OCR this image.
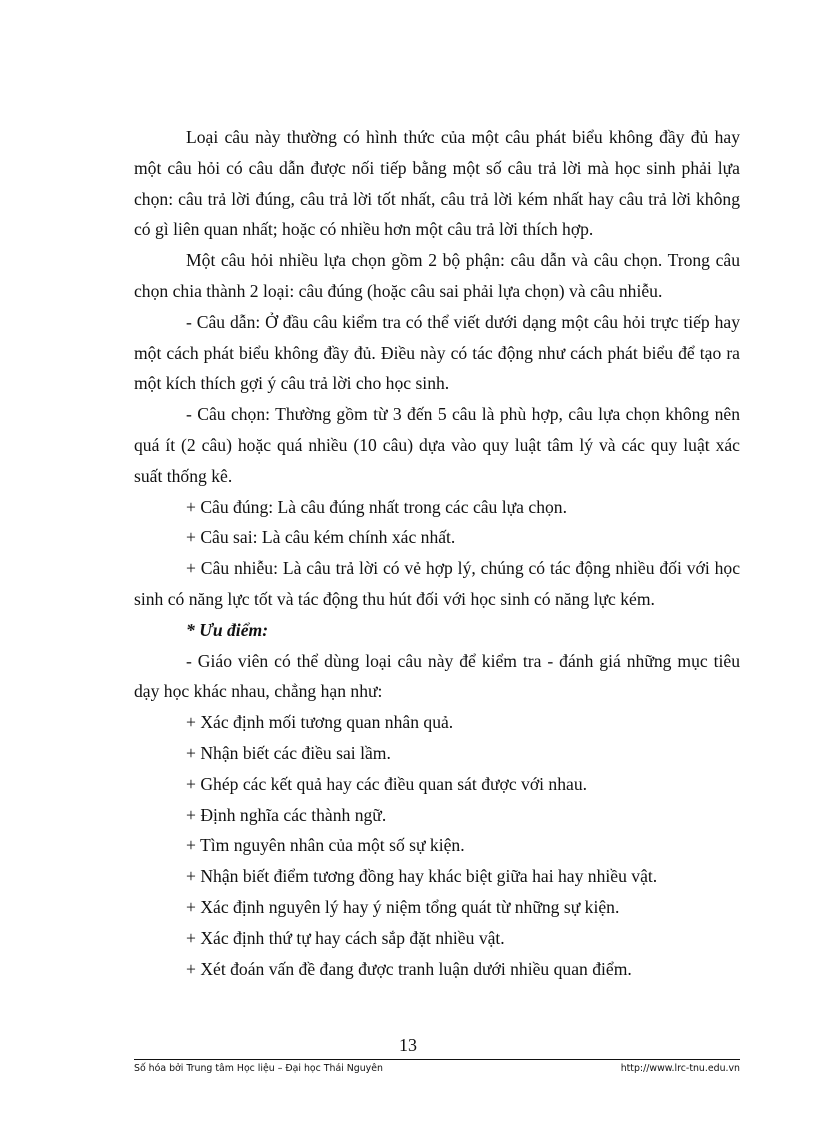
Loại câu này thường có hình thức của một câu phát biểu không đầy đủ hay một câu hỏi có câu dẫn được nối tiếp bằng một số câu trả lời mà học sinh phải lựa chọn: câu trả lời đúng, câu trả lời tốt nhất, câu trả lời kém nhất hay câu trả lời không có gì liên quan nhất; hoặc có nhiều hơn một câu trả lời thích hợp.

Một câu hỏi nhiều lựa chọn gồm 2 bộ phận: câu dẫn và câu chọn. Trong câu chọn chia thành 2 loại: câu đúng (hoặc câu sai phải lựa chọn) và câu nhiễu.

- Câu dẫn: Ở đầu câu kiểm tra có thể viết dưới dạng một câu hỏi trực tiếp hay một cách phát biểu không đầy đủ. Điều này có tác động như cách phát biểu để tạo ra một kích thích gợi ý câu trả lời cho học sinh.

- Câu chọn: Thường gồm từ 3 đến 5 câu là phù hợp, câu lựa chọn không nên quá ít (2 câu) hoặc quá nhiều (10 câu) dựa vào quy luật tâm lý và các quy luật xác suất thống kê.

+ Câu đúng: Là câu đúng nhất trong các câu lựa chọn.

+ Câu sai: Là câu kém chính xác nhất.

+ Câu nhiễu: Là câu trả lời có vẻ hợp lý, chúng có tác động nhiều đối với học sinh có năng lực tốt và tác động thu hút đối với học sinh có năng lực kém.

* Ưu điểm:

- Giáo viên có thể dùng loại câu này để kiểm tra - đánh giá những mục tiêu dạy học khác nhau, chẳng hạn như:

+ Xác định mối tương quan nhân quả.

+ Nhận biết các điều sai lầm.

+ Ghép các kết quả hay các điều quan sát được với nhau.

+ Định nghĩa các thành ngữ.

+ Tìm nguyên nhân của một số sự kiện.

+ Nhận biết điểm tương đồng hay khác biệt giữa hai hay nhiều vật.

+ Xác định nguyên lý hay ý niệm tổng quát từ những sự kiện.

+ Xác định thứ tự hay cách sắp đặt nhiều vật.

+ Xét đoán vấn đề đang được tranh luận dưới nhiều quan điểm.

13
Số hóa bởi Trung tâm Học liệu – Đại học Thái Nguyên	http://www.lrc-tnu.edu.vn
